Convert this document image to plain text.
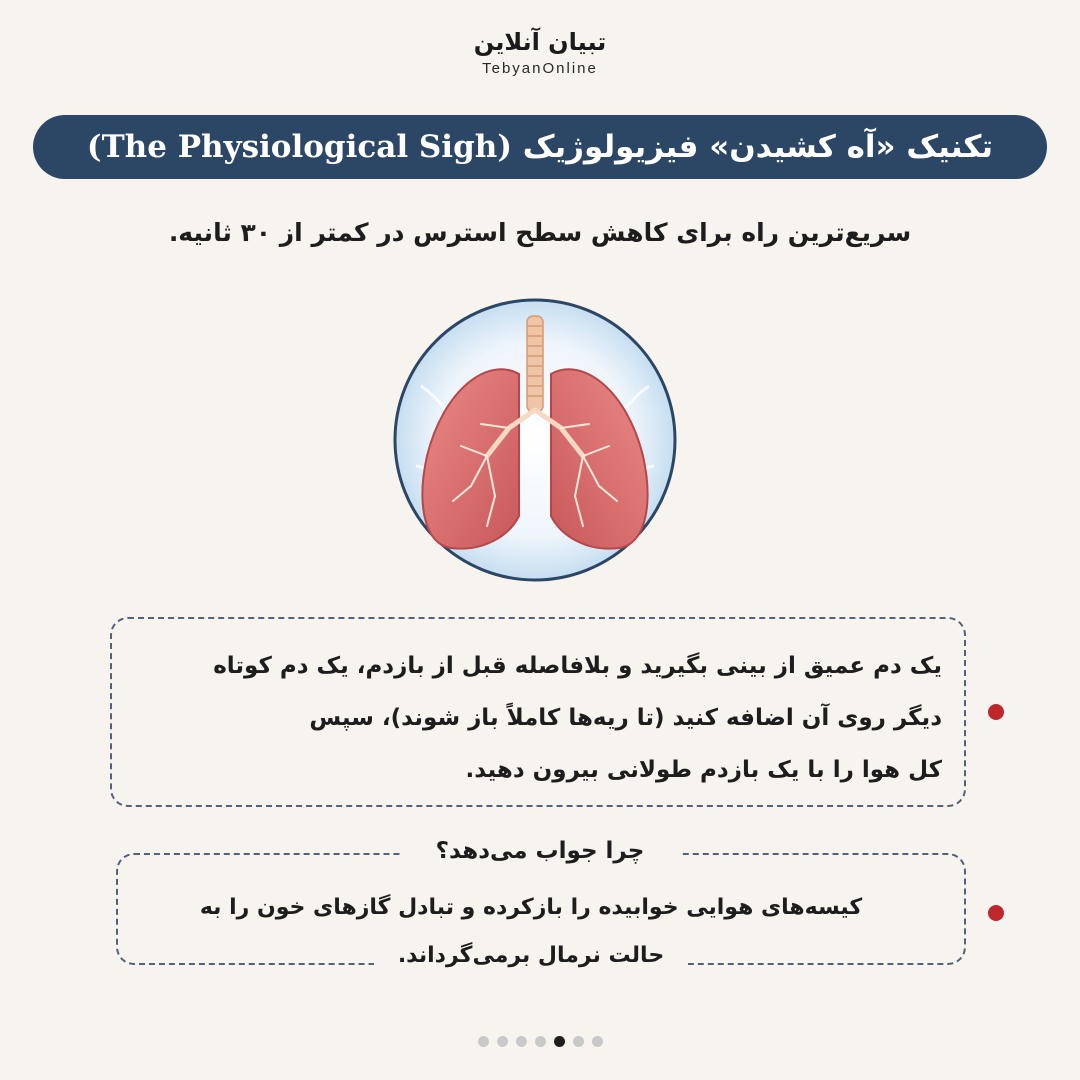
تبیان آنلاین
TebyanOnline
تکنیک «آه کشیدن» فیزیولوژیک (The Physiological Sigh)
سریع‌ترین راه برای کاهش سطح استرس در کمتر از ۳۰ ثانیه.
یک دم عمیق از بینی بگیرید و بلافاصله قبل از بازدم، یک دم کوتاه
دیگر روی آن اضافه کنید (تا ریه‌ها کاملاً باز شوند)، سپس
کل هوا را با یک بازدم طولانی بیرون دهید.
چرا جواب می‌دهد؟
کیسه‌های هوایی خوابیده را بازکرده و تبادل گازهای خون را به
حالت نرمال برمی‌گرداند.
